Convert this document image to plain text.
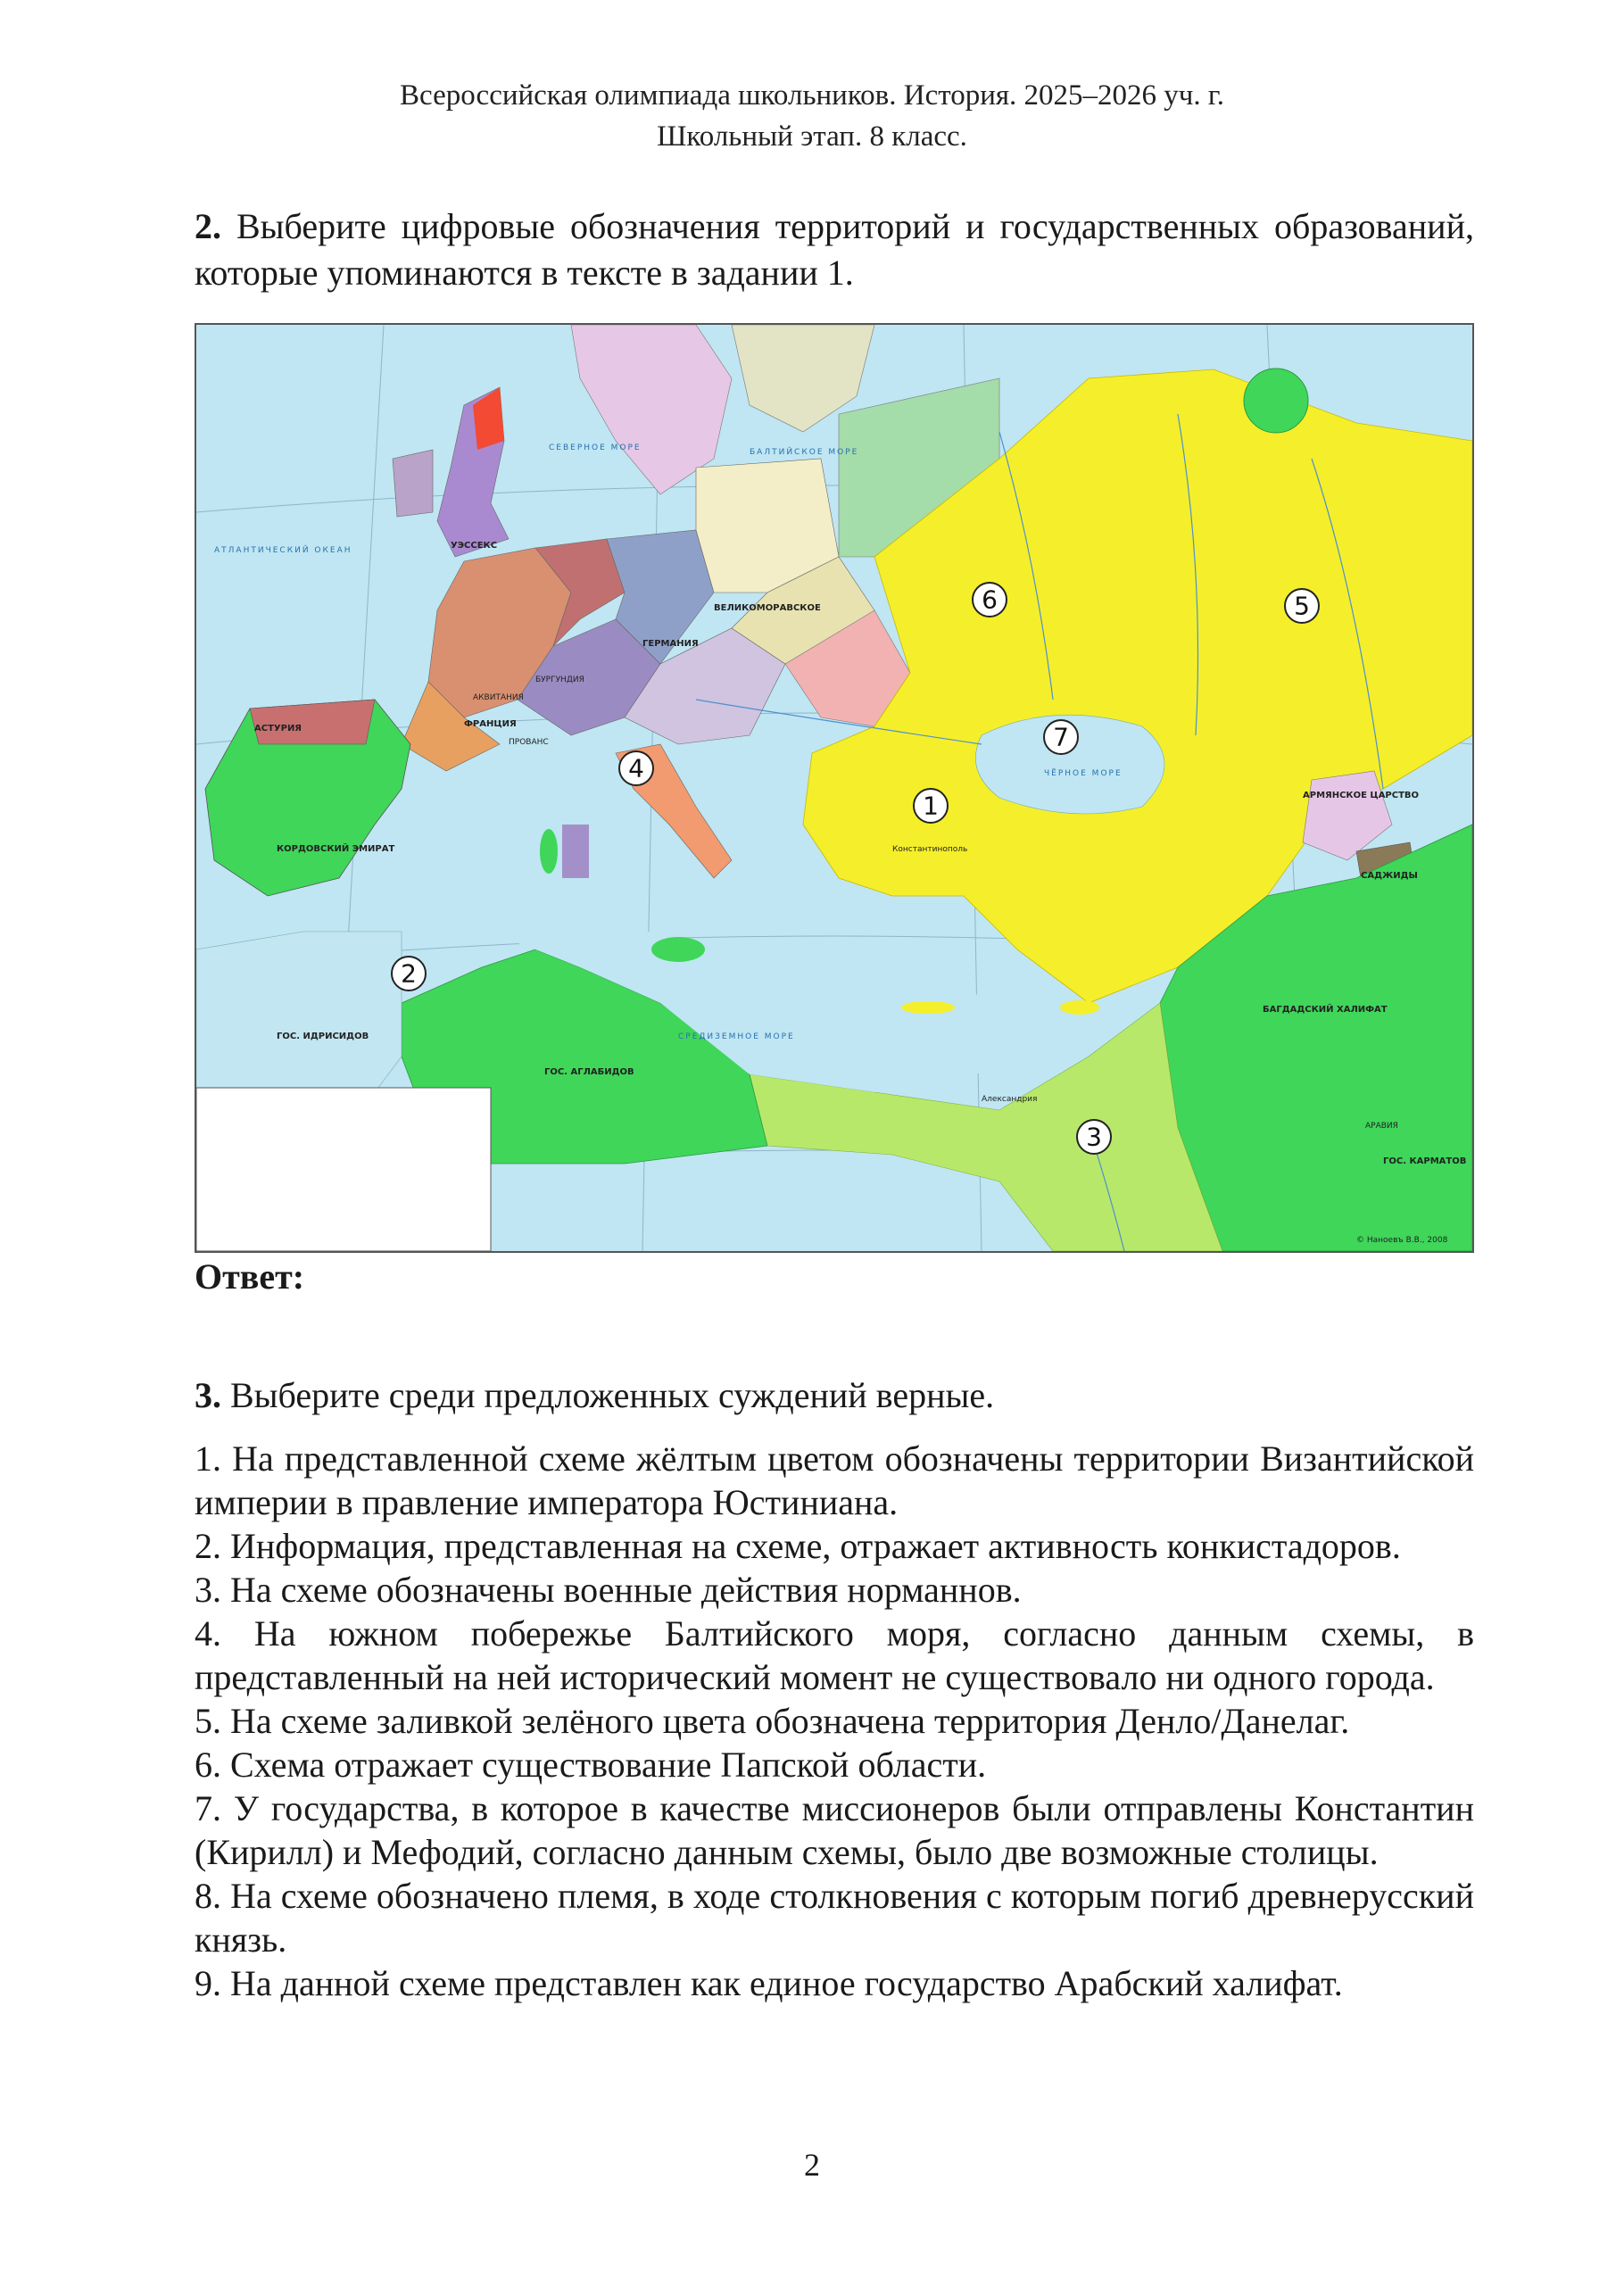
Всероссийская олимпиада школьников. История. 2025–2026 уч. г.
Школьный этап. 8 класс.
2. Выберите цифровые обозначения территорий и государственных образований, которые упоминаются в тексте в задании 1.
АТЛАНТИЧЕСКИЙ ОКЕАН
СЕВЕРНОЕ МОРЕ	БАЛТИЙСКОЕ МОРЕ
ЧЁРНОЕ МОРЕ
СРЕДИЗЕМНОЕ МОРЕ
КОРДОВСКИЙ ЭМИРАТ
ГОС. ИДРИСИДОВ
ГОС. АГЛАБИДОВ
БАГДАДСКИЙ ХАЛИФАТ
ГОС. КАРМАТОВ
ФРАНЦИЯ
ГЕРМАНИЯ
ВЕЛИКОМОРАВСКОЕ
АРМЯНСКОЕ ЦАРСТВО
САДЖИДЫ
АРАВИЯ
АСТУРИЯ
УЭССЕКС
АКВИТАНИЯ
ПРОВАНС
БУРГУНДИЯ
Константинополь
Александрия
© Наноевъ В.В., 2008
1
2
3
4
5
6
7
Ответ:
3. Выберите среди предложенных суждений верные.

1. На представленной схеме жёлтым цветом обозначены территории Византийской империи в правление императора Юстиниана.

2. Информация, представленная на схеме, отражает активность конкистадоров.

3. На схеме обозначены военные действия норманнов.

4. На южном побережье Балтийского моря, согласно данным схемы, в представленный на ней исторический момент не существовало ни одного города.

5. На схеме заливкой зелёного цвета обозначена территория Денло/Данелаг.

6. Схема отражает существование Папской области.

7. У государства, в которое в качестве миссионеров были отправлены Константин (Кирилл) и Мефодий, согласно данным схемы, было две возможные столицы.

8. На схеме обозначено племя, в ходе столкновения с которым погиб древнерусский князь.

9. На данной схеме представлен как единое государство Арабский халифат.

2
